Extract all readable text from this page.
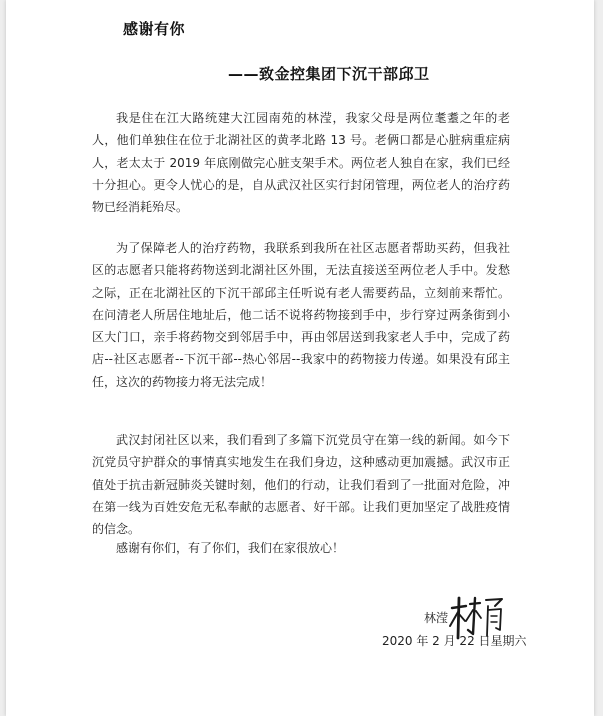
感谢有你
——致金控集团下沉干部邱卫

我是住在江大路统建大江园南苑的林滢，我家父母是两位耄耋之年的老人，他们单独住在位于北湖社区的黄孝北路 13 号。老俩口都是心脏病重症病人，老太太于 2019 年底刚做完心脏支架手术。两位老人独自在家，我们已经十分担心。更令人忧心的是，自从武汉社区实行封闭管理，两位老人的治疗药物已经消耗殆尽。

为了保障老人的治疗药物，我联系到我所在社区志愿者帮助买药，但我社区的志愿者只能将药物送到北湖社区外围，无法直接送至两位老人手中。发愁之际，正在北湖社区的下沉干部邱主任听说有老人需要药品，立刻前来帮忙。在问清老人所居住地址后，他二话不说将药物接到手中，步行穿过两条街到小区大门口，亲手将药物交到邻居手中，再由邻居送到我家老人手中，完成了药店--社区志愿者--下沉干部--热心邻居--我家中的药物接力传递。如果没有邱主任，这次的药物接力将无法完成！

武汉封闭社区以来，我们看到了多篇下沉党员守在第一线的新闻。如今下沉党员守护群众的事情真实地发生在我们身边，这种感动更加震撼。武汉市正值处于抗击新冠肺炎关键时刻，他们的行动，让我们看到了一批面对危险，冲在第一线为百姓安危无私奉献的志愿者、好干部。让我们更加坚定了战胜疫情的信念。

感谢有你们，有了你们，我们在家很放心！

林滢
2020 年 2 月 22 日星期六
